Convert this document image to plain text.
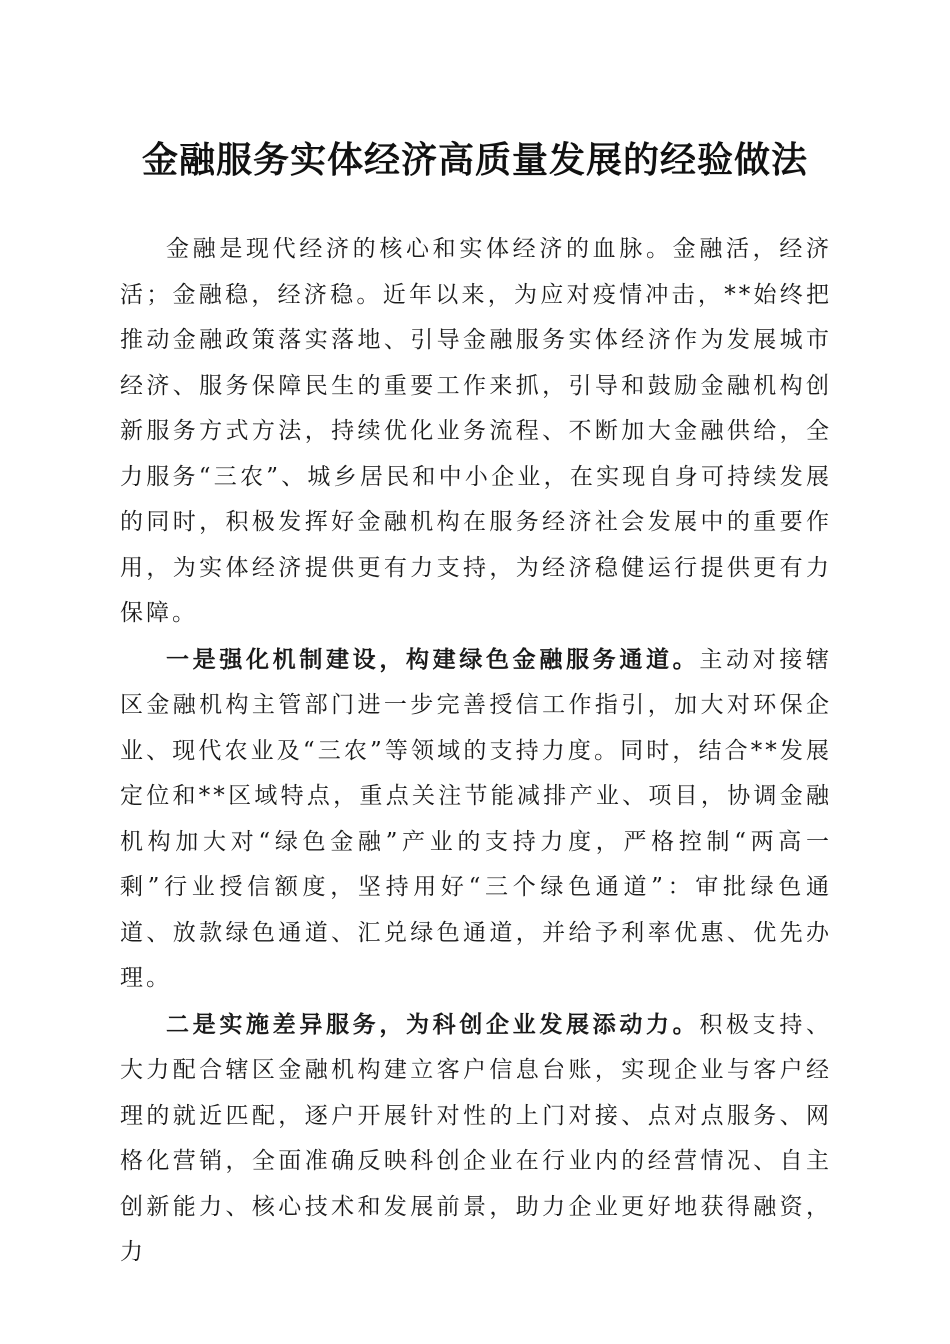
金融服务实体经济高质量发展的经验做法

金融是现代经济的核心和实体经济的血脉。金融活，经济活；金融稳，经济稳。近年以来，为应对疫情冲击，**始终把推动金融政策落实落地、引导金融服务实体经济作为发展城市经济、服务保障民生的重要工作来抓，引导和鼓励金融机构创新服务方式方法，持续优化业务流程、不断加大金融供给，全力服务“三农”、城乡居民和中小企业，在实现自身可持续发展的同时，积极发挥好金融机构在服务经济社会发展中的重要作用，为实体经济提供更有力支持，为经济稳健运行提供更有力保障。

一是强化机制建设，构建绿色金融服务通道。主动对接辖区金融机构主管部门进一步完善授信工作指引，加大对环保企业、现代农业及“三农”等领域的支持力度。同时，结合**发展定位和**区域特点，重点关注节能减排产业、项目，协调金融机构加大对“绿色金融”产业的支持力度，严格控制“两高一剩”行业授信额度，坚持用好“三个绿色通道”：审批绿色通道、放款绿色通道、汇兑绿色通道，并给予利率优惠、优先办理。

二是实施差异服务，为科创企业发展添动力。积极支持、大力配合辖区金融机构建立客户信息台账，实现企业与客户经理的就近匹配，逐户开展针对性的上门对接、点对点服务、网格化营销，全面准确反映科创企业在行业内的经营情况、自主创新能力、核心技术和发展前景，助力企业更好地获得融资，力
